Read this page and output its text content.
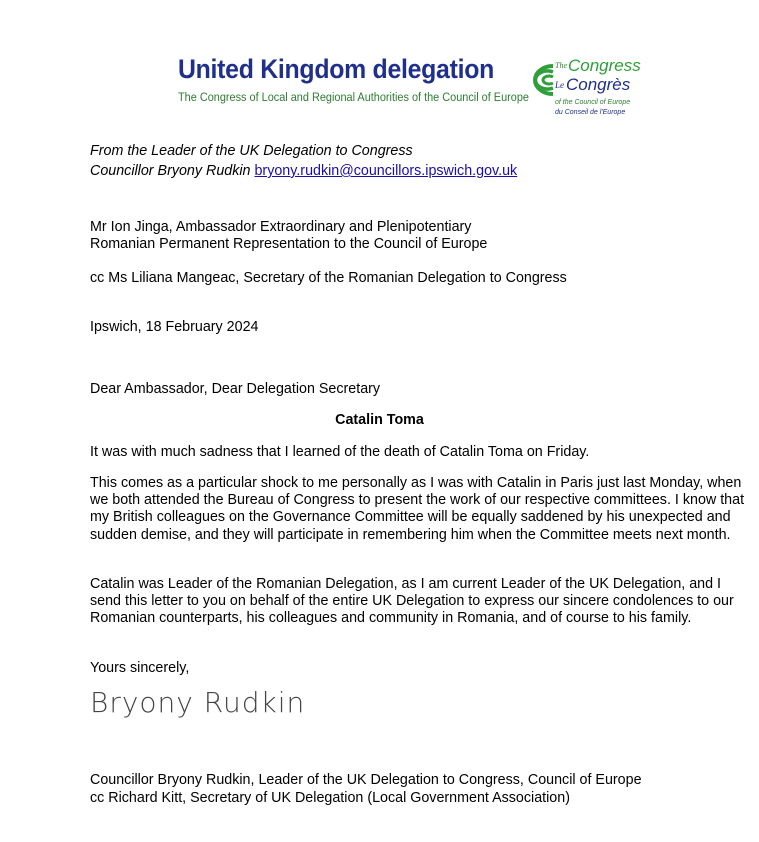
United Kingdom delegation
The Congress of Local and Regional Authorities of the Council of Europe
The Congress
Le Congrès
of the Council of Europe
du Conseil de l'Europe
From the Leader of the UK Delegation to Congress
Councillor Bryony Rudkin bryony.rudkin@councillors.ipswich.gov.uk
Mr Ion Jinga, Ambassador Extraordinary and Plenipotentiary
Romanian Permanent Representation to the Council of Europe
cc Ms Liliana Mangeac, Secretary of the Romanian Delegation to Congress
Ipswich, 18 February 2024
Dear Ambassador, Dear Delegation Secretary
Catalin Toma
It was with much sadness that I learned of the death of Catalin Toma on Friday.
This comes as a particular shock to me personally as I was with Catalin in Paris just last Monday, when we both attended the Bureau of Congress to present the work of our respective committees. I know that my British colleagues on the Governance Committee will be equally saddened by his unexpected and sudden demise, and they will participate in remembering him when the Committee meets next month.
Catalin was Leader of the Romanian Delegation, as I am current Leader of the UK Delegation, and I send this letter to you on behalf of the entire UK Delegation to express our sincere condolences to our Romanian counterparts, his colleagues and community in Romania, and of course to his family.
Yours sincerely,
Bryony Rudkin
Councillor Bryony Rudkin, Leader of the UK Delegation to Congress, Council of Europe
cc Richard Kitt, Secretary of UK Delegation (Local Government Association)
